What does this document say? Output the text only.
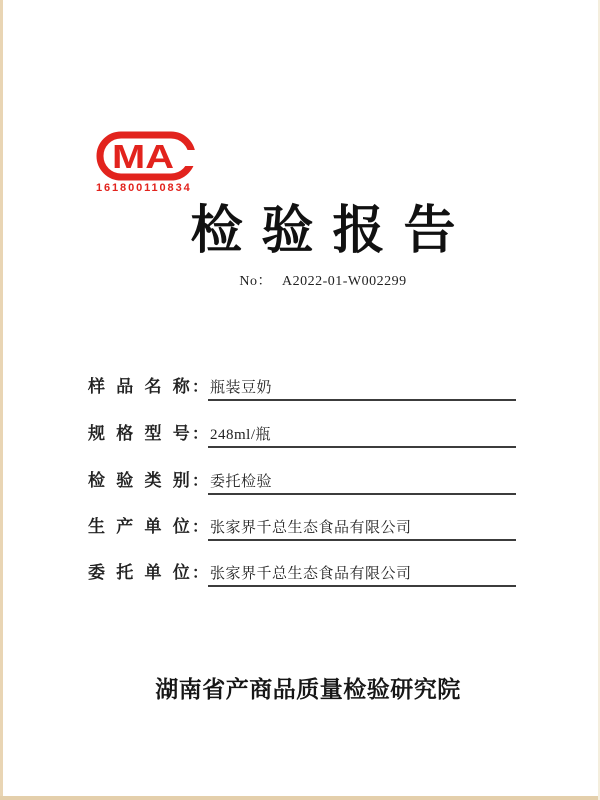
MA
161800110834
检 验 报 告
No： A2022-01-W002299
样 品 名 称 ： 瓶装豆奶
规 格 型 号 ： 248ml/瓶
检 验 类 别 ： 委托检验
生 产 单 位 ： 张家界千总生态食品有限公司
委 托 单 位 ： 张家界千总生态食品有限公司
湖南省产商品质量检验研究院
